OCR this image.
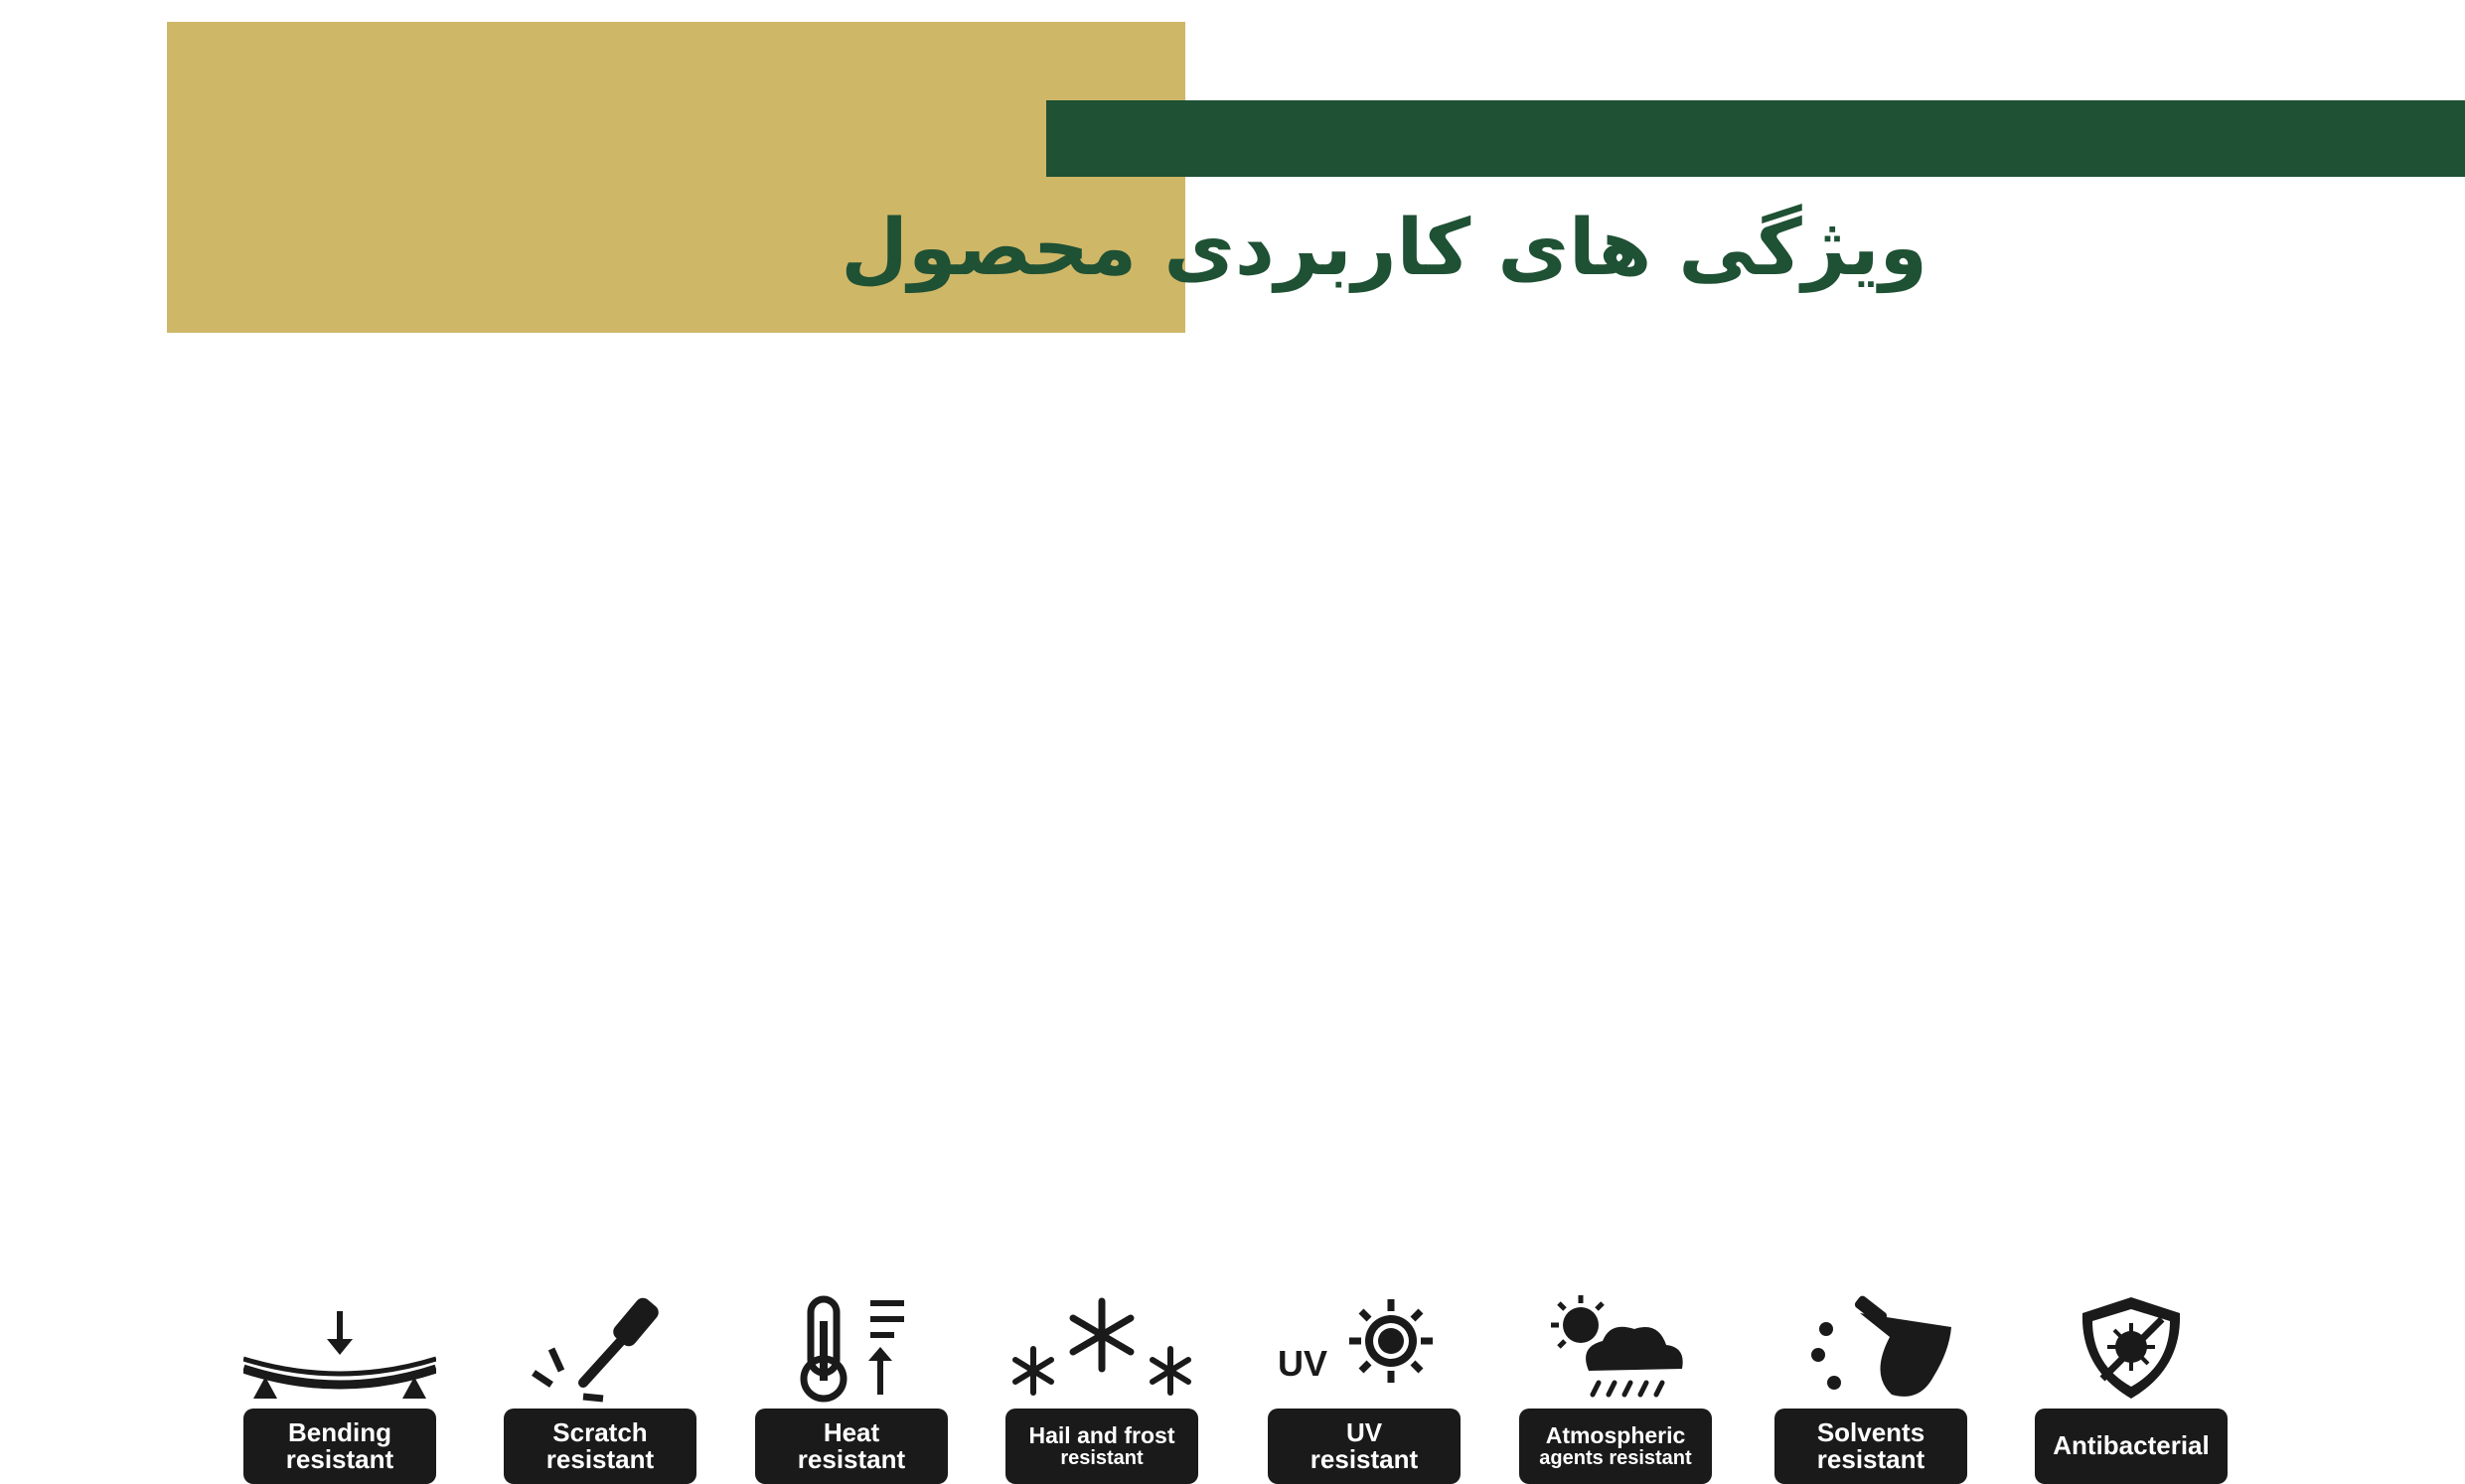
ویژگی های کاربردی محصول
Bending
resistant
Scratch
resistant
Heat
resistant
Hail and frost
resistant
UV
UV
resistant
Atmospheric
agents resistant
Solvents
resistant	Antibacterial
